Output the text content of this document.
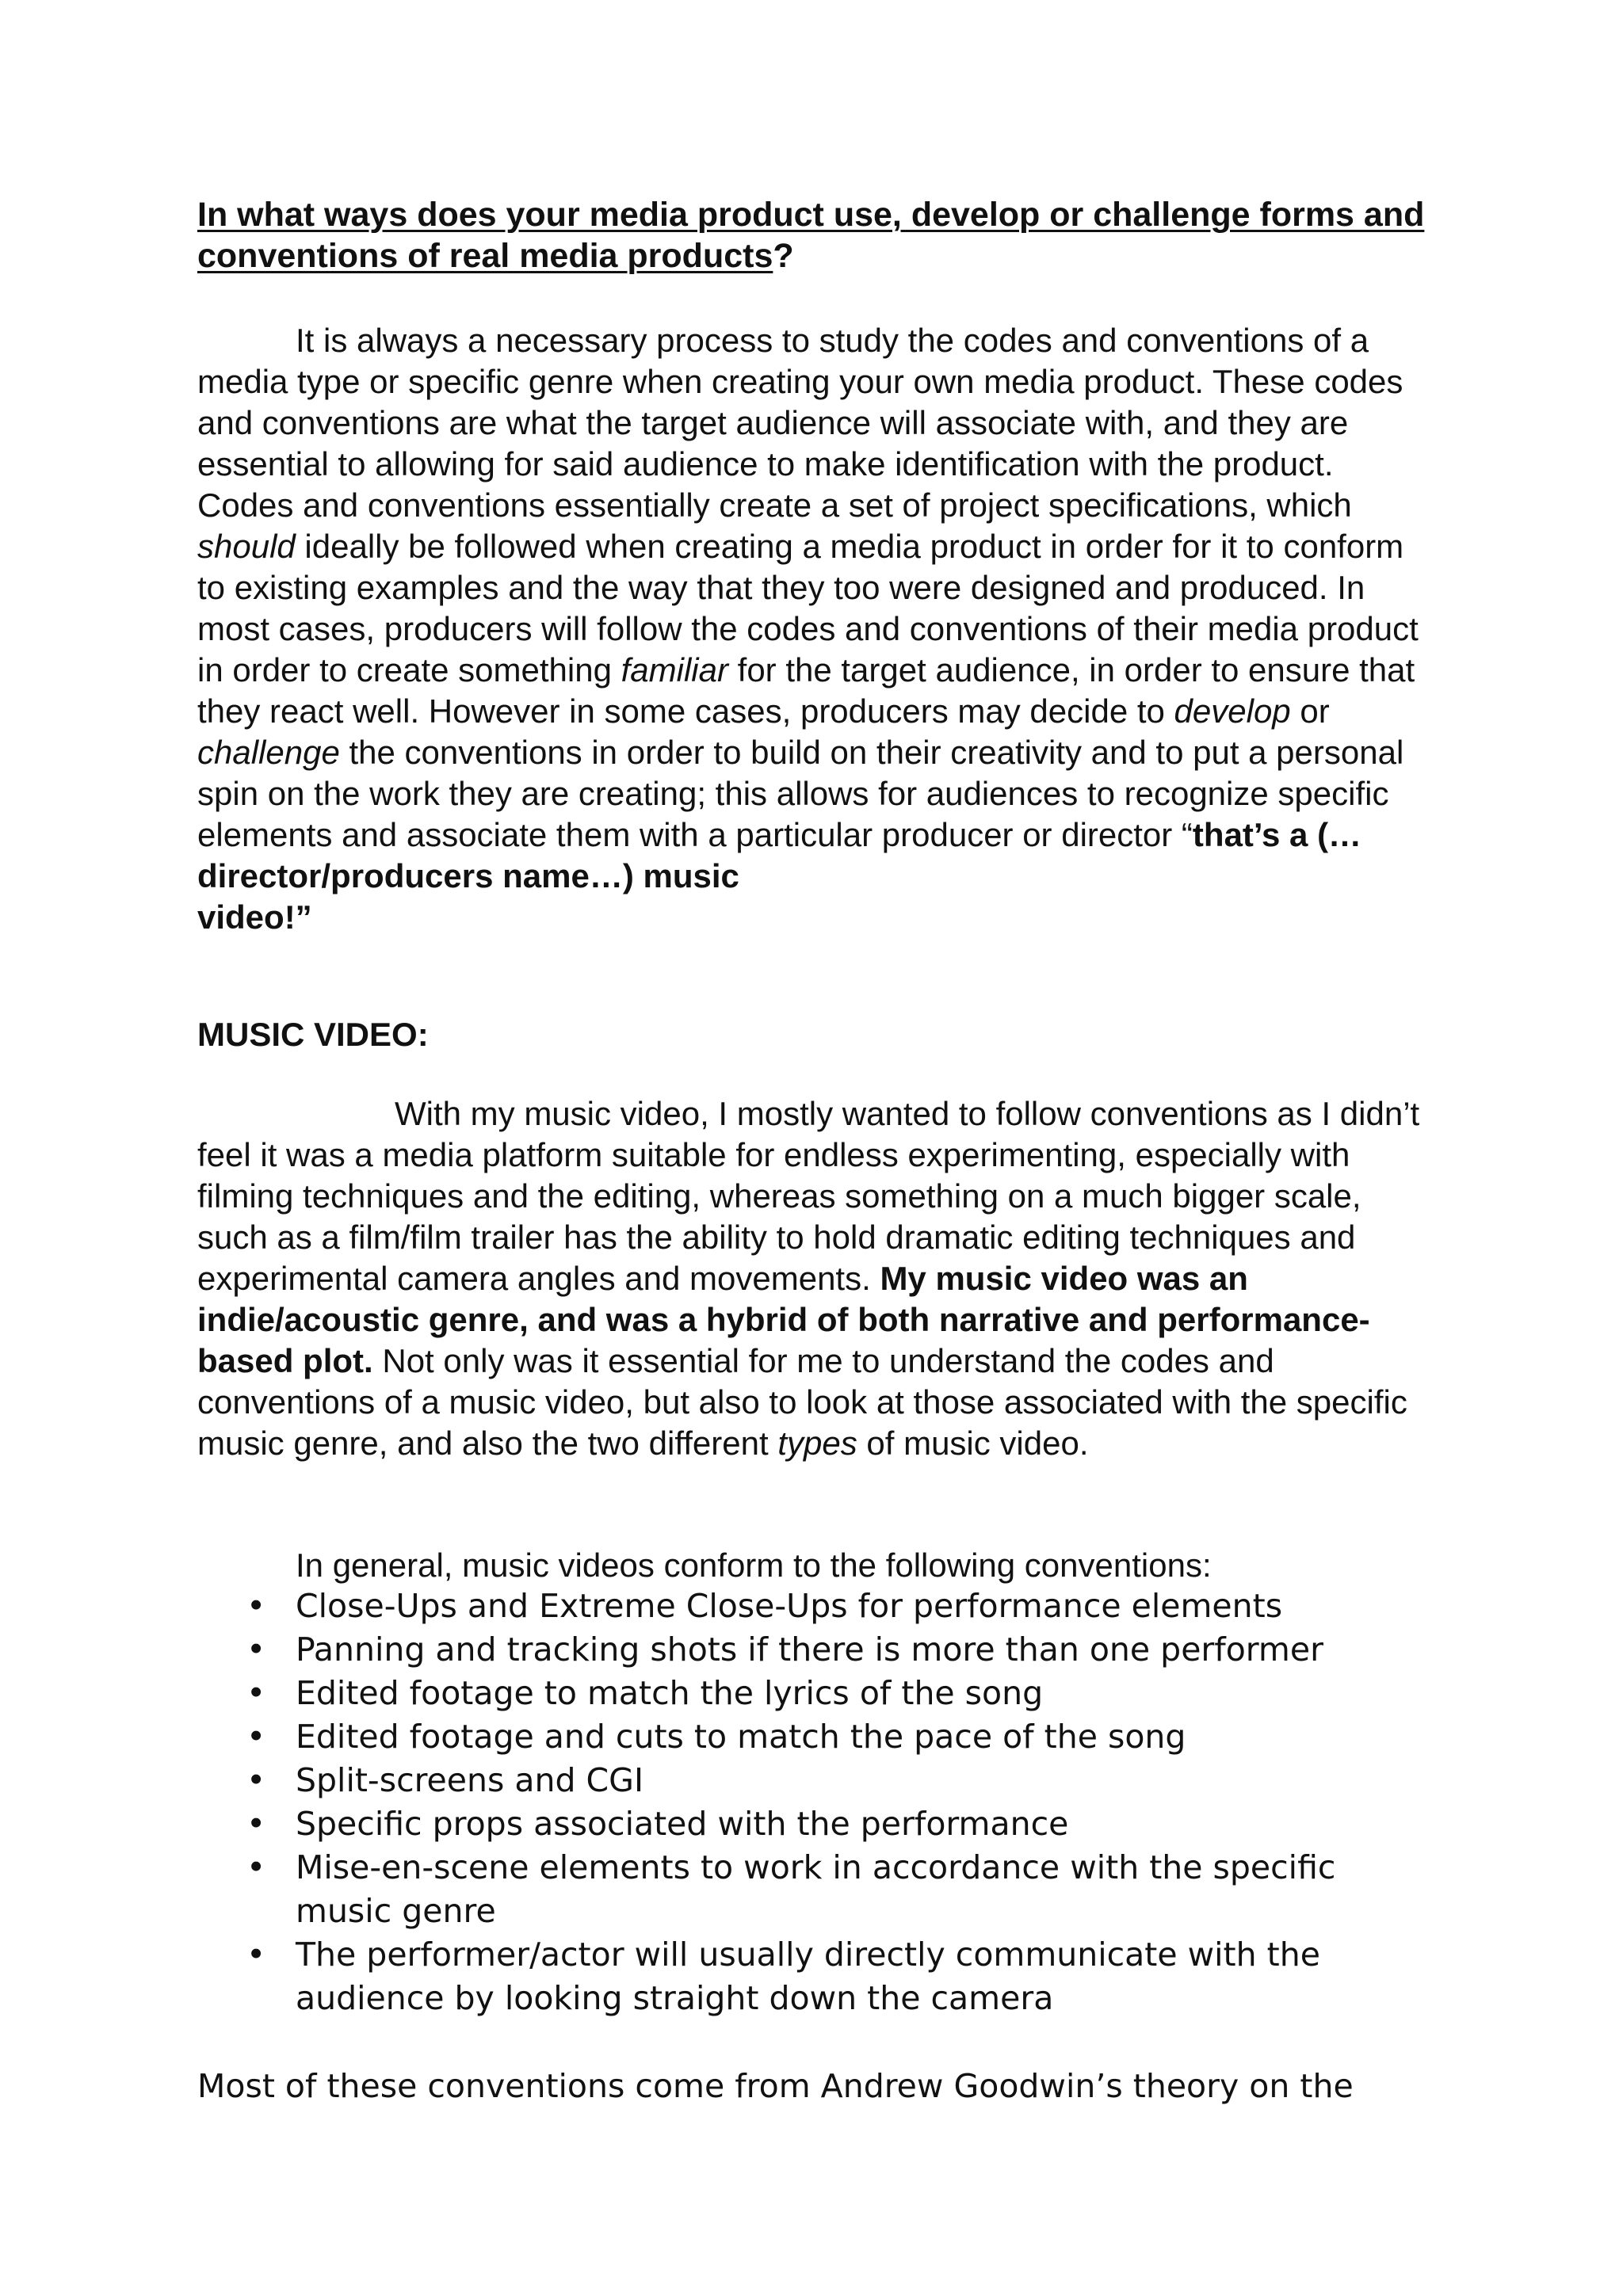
In what ways does your media product use, develop or challenge forms and conventions of real media products?

It is always a necessary process to study the codes and conventions of a media type or specific genre when creating your own media product. These codes and conventions are what the target audience will associate with, and they are essential to allowing for said audience to make identification with the product. Codes and conventions essentially create a set of project specifications, which should ideally be followed when creating a media product in order for it to conform to existing examples and the way that they too were designed and produced. In most cases, producers will follow the codes and conventions of their media product in order to create something familiar for the target audience, in order to ensure that they react well. However in some cases, producers may decide to develop or challenge the conventions in order to build on their creativity and to put a personal spin on the work they are creating; this allows for audiences to recognize specific elements and associate them with a particular producer or director “that’s a (…director/producers name…) music
video!”

MUSIC VIDEO:

With my music video, I mostly wanted to follow conventions as I didn’t feel it was a media platform suitable for endless experimenting, especially with filming techniques and the editing, whereas something on a much bigger scale, such as a film/film trailer has the ability to hold dramatic editing techniques and experimental camera angles and movements. My music video was an indie/acoustic genre, and was a hybrid of both narrative and performance-based plot. Not only was it essential for me to understand the codes and conventions of a music video, but also to look at those associated with the specific music genre, and also the two different types of music video.

In general, music videos conform to the following conventions:

• Close-Ups and Extreme Close-Ups for performance elements
• Panning and tracking shots if there is more than one performer
• Edited footage to match the lyrics of the song
• Edited footage and cuts to match the pace of the song
• Split-screens and CGI
• Specific props associated with the performance
• Mise-en-scene elements to work in accordance with the specific music genre
• The performer/actor will usually directly communicate with the audience by looking straight down the camera

Most of these conventions come from Andrew Goodwin’s theory on the
